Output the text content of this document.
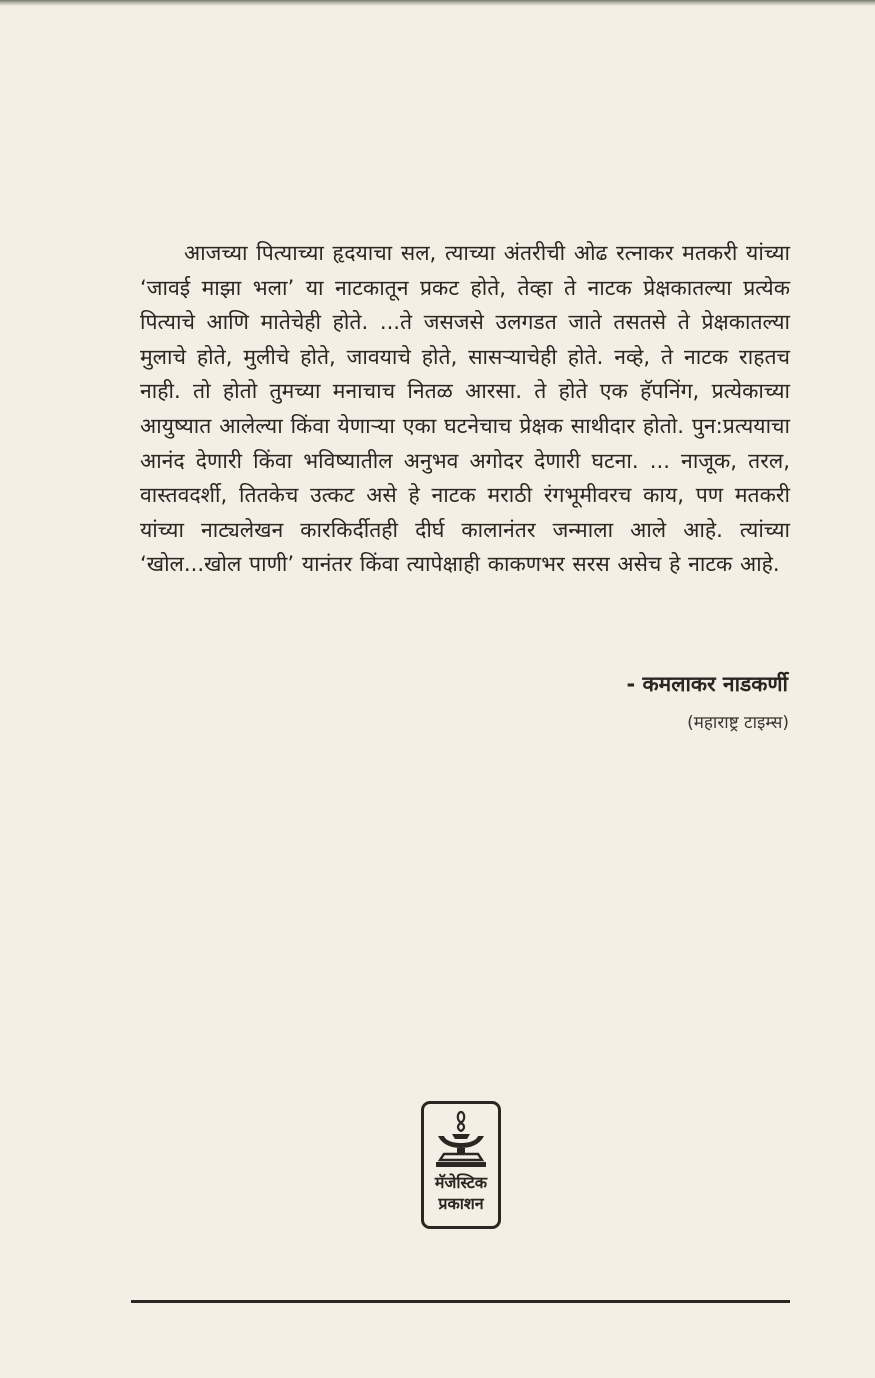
आजच्या पित्याच्या हृदयाचा सल, त्याच्या अंतरीची ओढ रत्नाकर मतकरी यांच्या ‘जावई माझा भला’ या नाटकातून प्रकट होते, तेव्हा ते नाटक प्रेक्षकातल्या प्रत्येक पित्याचे आणि मातेचेही होते. ...ते जसजसे उलगडत जाते तसतसे ते प्रेक्षकातल्या मुलाचे होते, मुलीचे होते, जावयाचे होते, सासऱ्याचेही होते. नव्हे, ते नाटक राहतच नाही. तो होतो तुमच्या मनाचाच नितळ आरसा. ते होते एक हॅपनिंग, प्रत्येकाच्या आयुष्यात आलेल्या किंवा येणाऱ्या एका घटनेचाच प्रेक्षक साथीदार होतो. पुन:प्रत्ययाचा आनंद देणारी किंवा भविष्यातील अनुभव अगोदर देणारी घटना. ... नाजूक, तरल, वास्तवदर्शी, तितकेच उत्कट असे हे नाटक मराठी रंगभूमीवरच काय, पण मतकरी यांच्या नाट्यलेखन कारकिर्दीतही दीर्घ कालानंतर जन्माला आले आहे. त्यांच्या ‘खोल...खोल पाणी’ यानंतर किंवा त्यापेक्षाही काकणभर सरस असेच हे नाटक आहे.

- कमलाकर नाडकर्णी
(महाराष्ट्र टाइम्स)
मॅजेस्टिक
प्रकाशन
